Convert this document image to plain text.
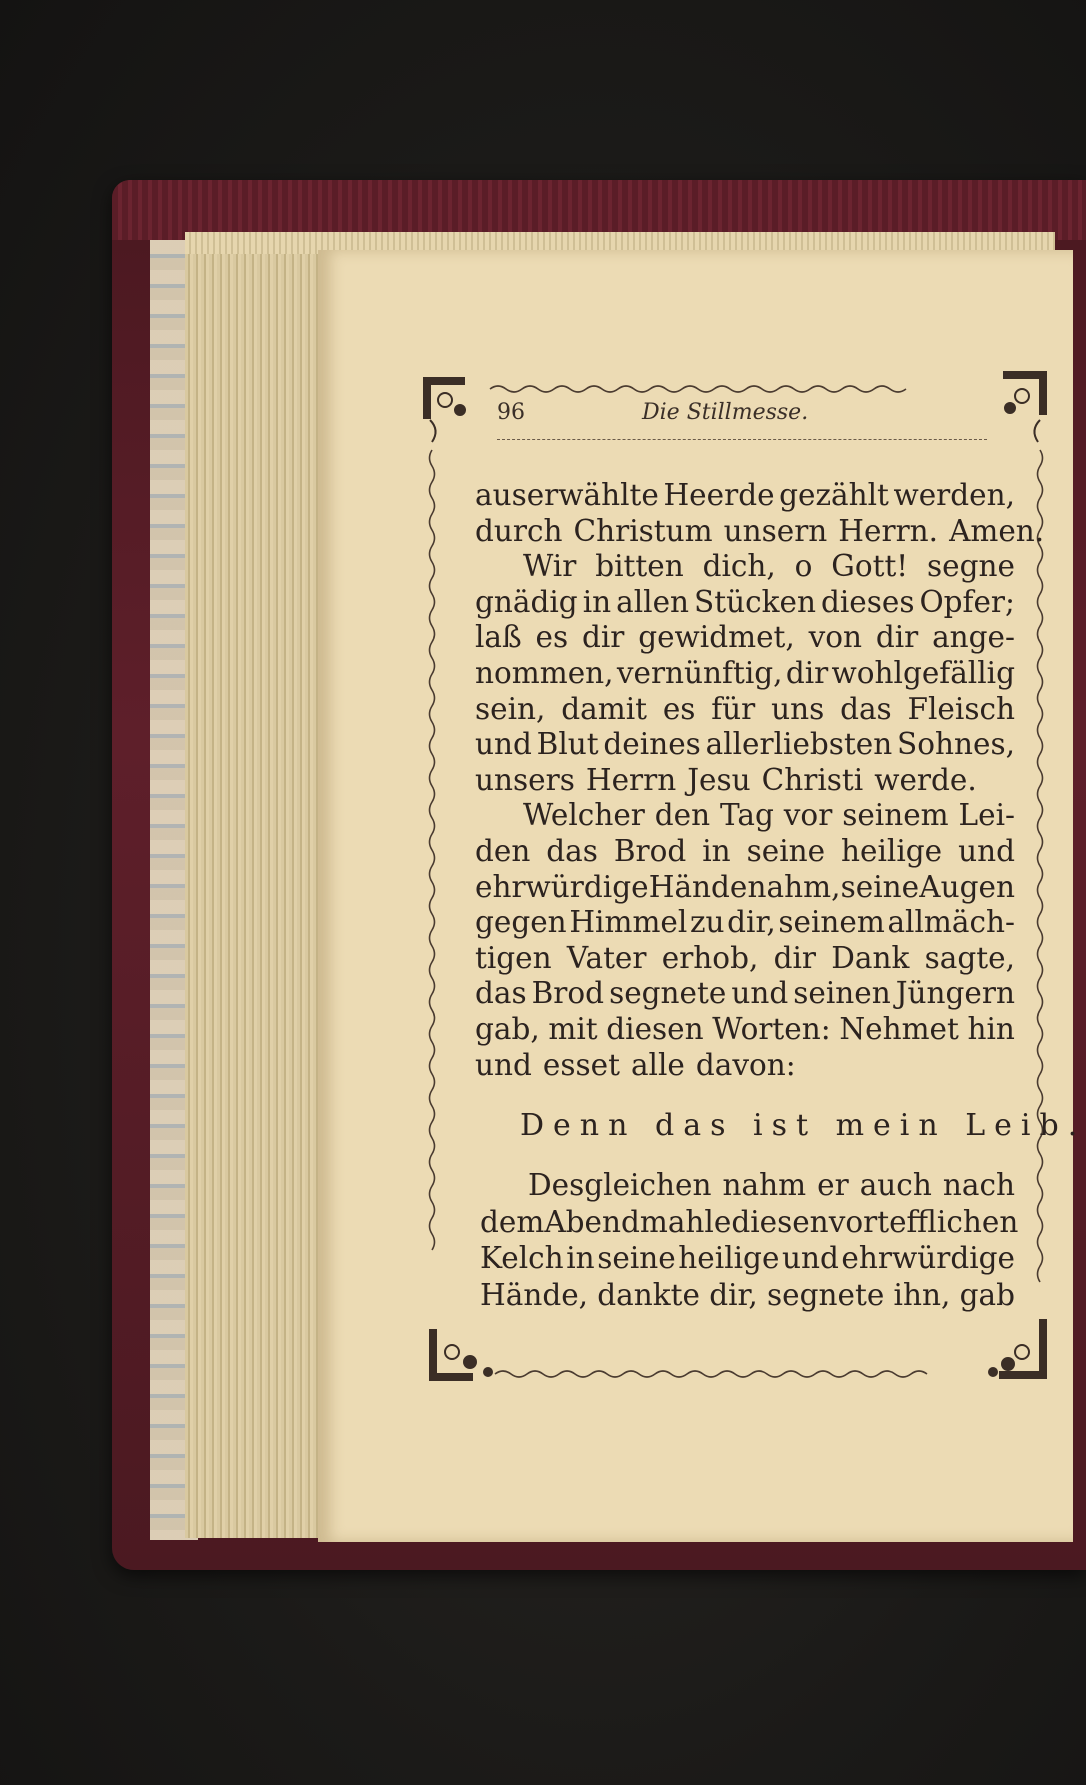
96	Die Stillmesse.
auserwählte Heerde gezählt werden,
durch Christum unsern Herrn. Amen.
Wir bitten dich, o Gott! segne
gnädig in allen Stücken dieses Opfer;
laß es dir gewidmet, von dir ange-
nommen, vernünftig, dir wohlgefällig
sein, damit es für uns das Fleisch
und Blut deines allerliebsten Sohnes,
unsers Herrn Jesu Christi werde.
Welcher den Tag vor seinem Lei-
den das Brod in seine heilige und
ehrwürdige Hände nahm, seine Augen
gegen Himmel zu dir, seinem allmäch-
tigen Vater erhob, dir Dank sagte,
das Brod segnete und seinen Jüngern
gab, mit diesen Worten: Nehmet hin
und esset alle davon:
Denn das ist mein Leib.
Desgleichen nahm er auch nach
dem Abendmahle diesen vortefflichen
Kelch in seine heilige und ehrwürdige
Hände, dankte dir, segnete ihn, gab
